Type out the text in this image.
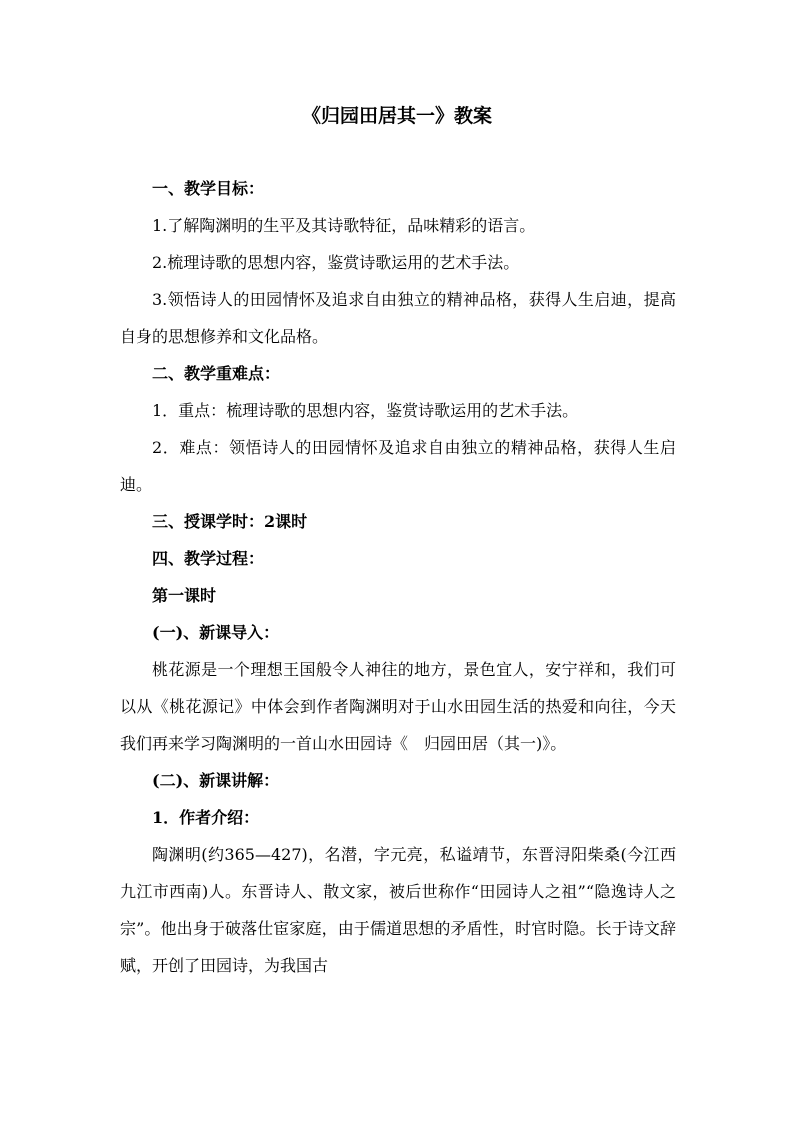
《归园田居其一》教案

一、教学目标：

1.了解陶渊明的生平及其诗歌特征，品味精彩的语言。

2.梳理诗歌的思想内容，鉴赏诗歌运用的艺术手法。

3.领悟诗人的田园情怀及追求自由独立的精神品格，获得人生启迪，提高自身的思想修养和文化品格。

二、教学重难点：

1．重点：梳理诗歌的思想内容，鉴赏诗歌运用的艺术手法。

2．难点：领悟诗人的田园情怀及追求自由独立的精神品格，获得人生启迪。

三、授课学时：2课时

四、教学过程：

第一课时

(一)、新课导入：

桃花源是一个理想王国般令人神往的地方，景色宜人，安宁祥和，我们可以从《桃花源记》中体会到作者陶渊明对于山水田园生活的热爱和向往，今天我们再来学习陶渊明的一首山水田园诗《　归园田居（其一)》。

(二)、新课讲解：

1．作者介绍：

陶渊明(约365—427)，名潜，字元亮，私谥靖节，东晋浔阳柴桑(今江西九江市西南)人。东晋诗人、散文家，被后世称作“田园诗人之祖”“隐逸诗人之宗”。他出身于破落仕宦家庭，由于儒道思想的矛盾性，时官时隐。长于诗文辞赋，开创了田园诗，为我国古
